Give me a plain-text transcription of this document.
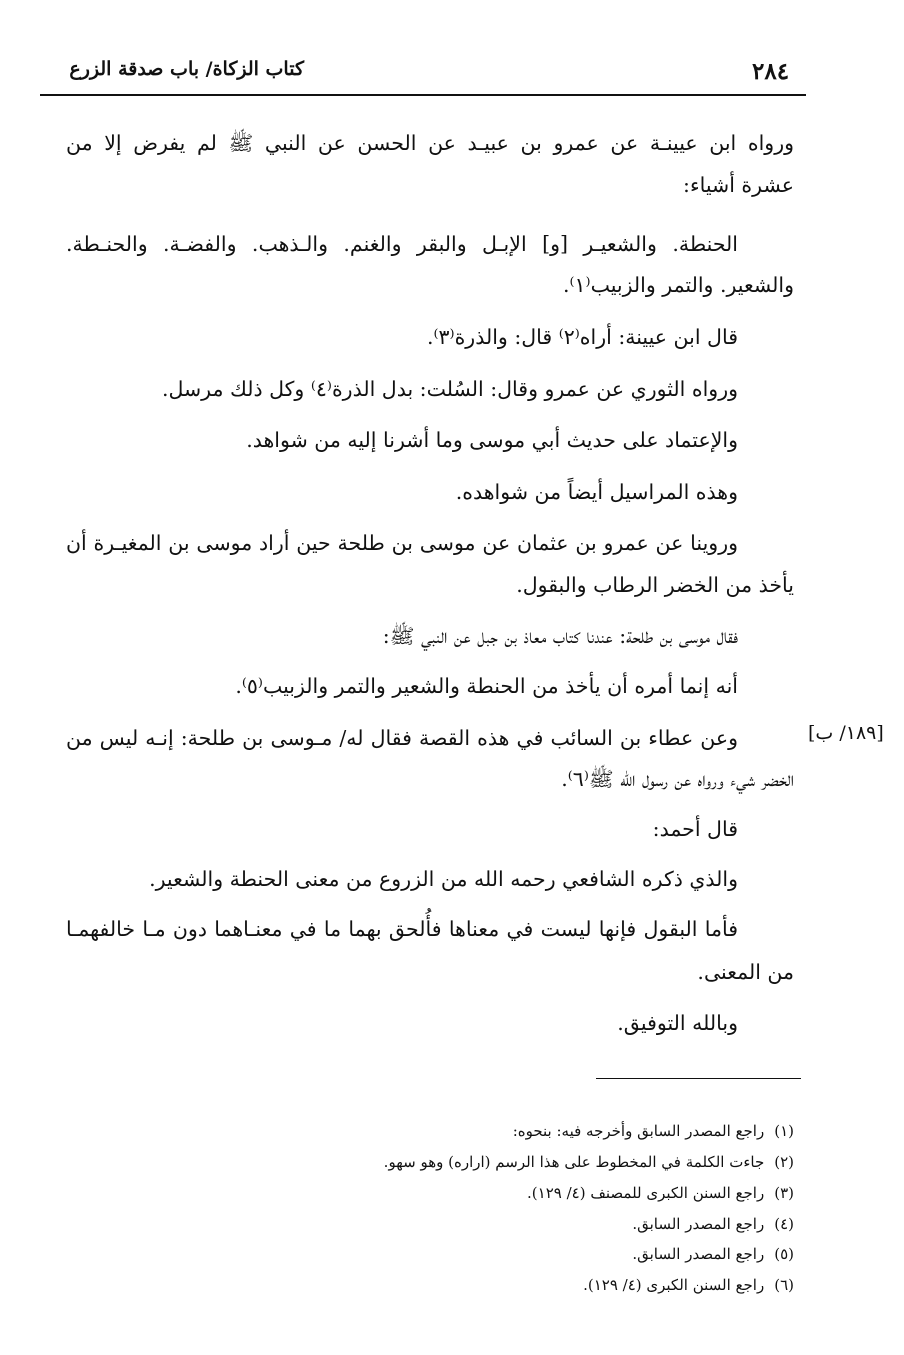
كتاب الزكاة/ باب صدقة الزرع	٢٨٤
[١٨٩/ ب]
ورواه ابن عيينـة عن عمرو بن عبيـد عن الحسن عن النبي ﷺ لم يفرض إلا من
عشرة أشياء:
الحنطة. والشعيـر [و] الإبـل والبقر والغنم. والـذهب. والفضـة. والحنـطة.
والشعير. والتمر والزبيب⁽١⁾.
قال ابن عيينة: أراه⁽٢⁾ قال: والذرة⁽٣⁾.
ورواه الثوري عن عمرو وقال: السُلت: بدل الذرة⁽٤⁾ وكل ذلك مرسل.
والإعتماد على حديث أبي موسى وما أشرنا إليه من شواهد.
وهذه المراسيل أيضاً من شواهده.
وروينا عن عمرو بن عثمان عن موسى بن طلحة حين أراد موسى بن المغيـرة أن
يأخذ من الخضر الرطاب والبقول.
فقال موسى بن طلحة: عندنا كتاب معاذ بن جبل عن النبي ﷺ:
أنه إنما أمره أن يأخذ من الحنطة والشعير والتمر والزبيب⁽٥⁾.
وعن عطاء بن السائب في هذه القصة فقال له/ مـوسى بن طلحة: إنـه ليس من
الخضر شيء ورواه عن رسول الله ﷺ⁽٦⁾.
قال أحمد:
والذي ذكره الشافعي رحمه الله من الزروع من معنى الحنطة والشعير.
فأما البقول فإنها ليست في معناها فأُلحق بهما ما في معنـاهما دون مـا خالفهمـا
من المعنى.
وبالله التوفيق.
(١)راجع المصدر السابق وأخرجه فيه: بنحوه:
(٢)جاءت الكلمة في المخطوط على هذا الرسم (اراره) وهو سهو.
(٣)راجع السنن الكبرى للمصنف (٤/ ١٢٩).
(٤)راجع المصدر السابق.
(٥)راجع المصدر السابق.
(٦)راجع السنن الكبرى (٤/ ١٢٩).
